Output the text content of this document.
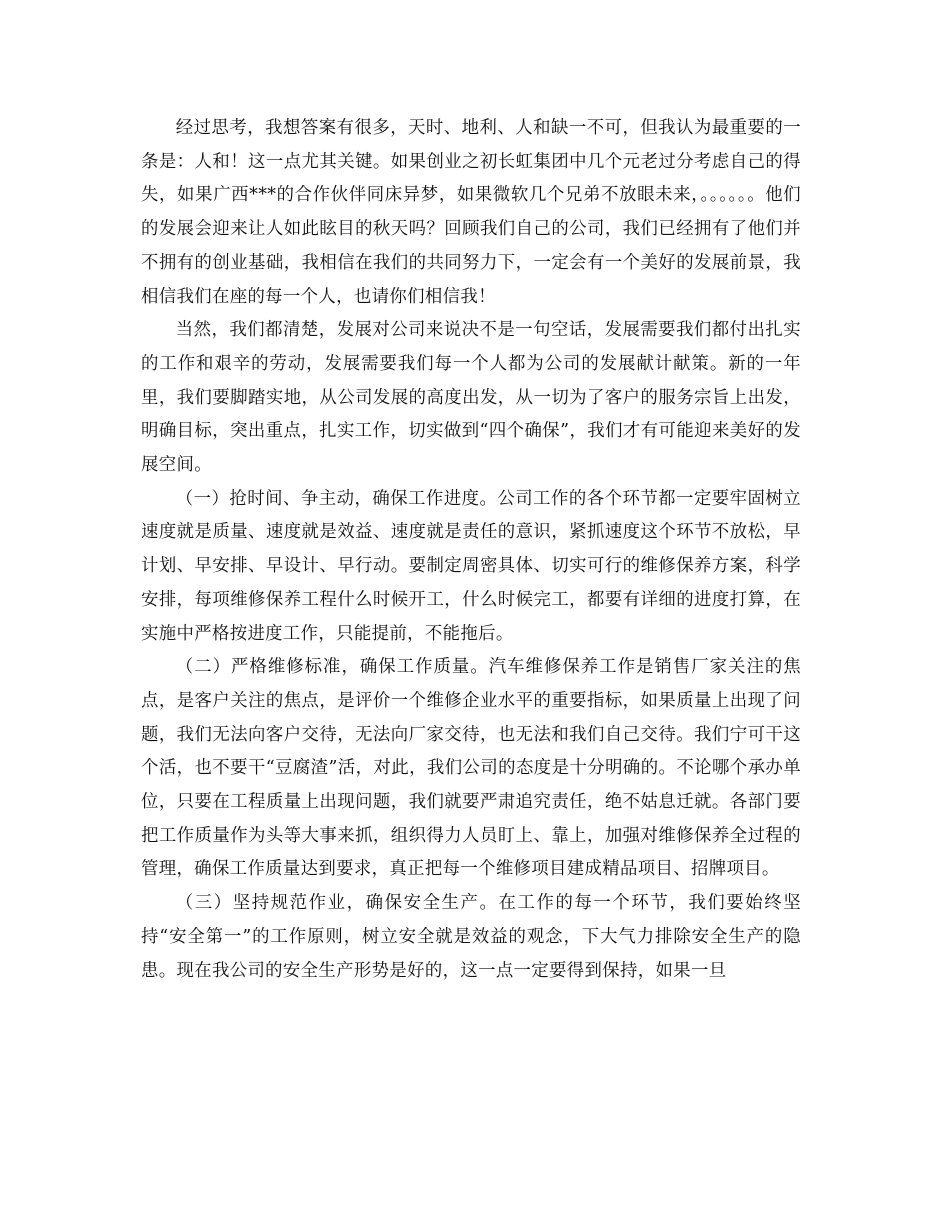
经过思考，我想答案有很多，天时、地利、人和缺一不可，但我认为最重要的一条是：人和！这一点尤其关键。如果创业之初长虹集团中几个元老过分考虑自己的得失，如果广西***的合作伙伴同床异梦，如果微软几个兄弟不放眼未来，。。。。。。他们的发展会迎来让人如此眩目的秋天吗？回顾我们自己的公司，我们已经拥有了他们并不拥有的创业基础，我相信在我们的共同努力下，一定会有一个美好的发展前景，我相信我们在座的每一个人，也请你们相信我！

当然，我们都清楚，发展对公司来说决不是一句空话，发展需要我们都付出扎实的工作和艰辛的劳动，发展需要我们每一个人都为公司的发展献计献策。新的一年里，我们要脚踏实地，从公司发展的高度出发，从一切为了客户的服务宗旨上出发，明确目标，突出重点，扎实工作，切实做到“四个确保”，我们才有可能迎来美好的发展空间。

（一）抢时间、争主动，确保工作进度。公司工作的各个环节都一定要牢固树立速度就是质量、速度就是效益、速度就是责任的意识，紧抓速度这个环节不放松，早计划、早安排、早设计、早行动。要制定周密具体、切实可行的维修保养方案，科学安排，每项维修保养工程什么时候开工，什么时候完工，都要有详细的进度打算，在实施中严格按进度工作，只能提前，不能拖后。

（二）严格维修标准，确保工作质量。汽车维修保养工作是销售厂家关注的焦点，是客户关注的焦点，是评价一个维修企业水平的重要指标，如果质量上出现了问题，我们无法向客户交待，无法向厂家交待，也无法和我们自己交待。我们宁可干这个活，也不要干“豆腐渣”活，对此，我们公司的态度是十分明确的。不论哪个承办单位，只要在工程质量上出现问题，我们就要严肃追究责任，绝不姑息迁就。各部门要把工作质量作为头等大事来抓，组织得力人员盯上、靠上，加强对维修保养全过程的管理，确保工作质量达到要求，真正把每一个维修项目建成精品项目、招牌项目。

（三）坚持规范作业，确保安全生产。在工作的每一个环节，我们要始终坚持“安全第一”的工作原则，树立安全就是效益的观念，下大气力排除安全生产的隐患。现在我公司的安全生产形势是好的，这一点一定要得到保持，如果一旦
